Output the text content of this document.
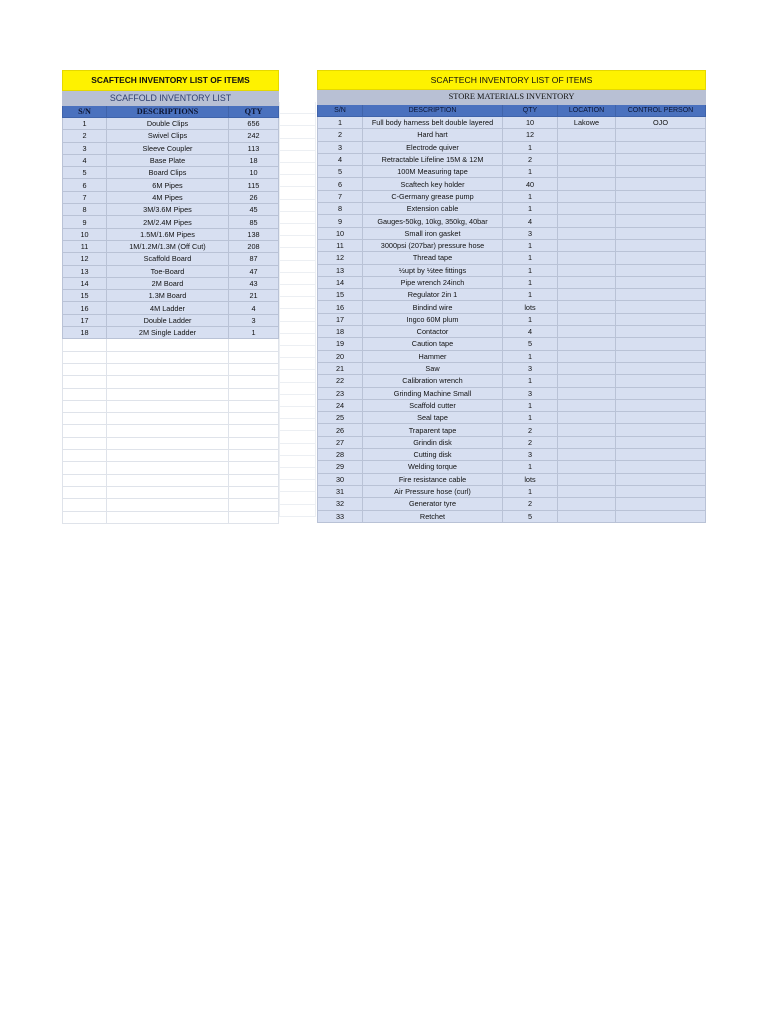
SCAFTECH INVENTORY LIST OF ITEMS		
SCAFFOLD INVENTORY LIST		
S/N	DESCRIPTIONS	QTY
1	Double Clips	656
2	Swivel Clips	242
3	Sleeve Coupler	113
4	Base Plate	18
5	Board Clips	10
6	6M Pipes	115
7	4M Pipes	26
8	3M/3.6M Pipes	45
9	2M/2.4M Pipes	85
10	1.5M/1.6M Pipes	138
11	1M/1.2M/1.3M (Off Cut)	208
12	Scaffold Board	87
13	Toe-Board	47
14	2M Board	43
15	1.3M Board	21
16	4M Ladder	4
17	Double Ladder	3
18	2M Single Ladder	1

SCAFTECH INVENTORY LIST OF ITEMS				
STORE MATERIALS INVENTORY				
S/N	DESCRIPTION	QTY	LOCATION	CONTROL PERSON
1	Full body harness belt double layered	10	Lakowe	OJO
2	Hard hart	12		
3	Electrode quiver	1		
4	Retractable Lifeline 15M & 12M	2		
5	100M Measuring tape	1		
6	Scaftech key holder	40		
7	C-Germany grease pump	1		
8	Extension cable	1		
9	Gauges-50kg, 10kg, 350kg, 40bar	4		
10	Small iron gasket	3		
11	3000psi (207bar) pressure hose	1		
12	Thread tape	1		
13	½upt by ½tee fittings	1		
14	Pipe wrench 24inch	1		
15	Regulator 2in 1	1		
16	Bindind wire	lots		
17	Ingco 60M plum	1		
18	Contactor	4		
19	Caution tape	5		
20	Hammer	1		
21	Saw	3		
22	Calibration wrench	1		
23	Grinding Machine Small	3		
24	Scaffold cutter	1		
25	Seal tape	1		
26	Traparent tape	2		
27	Grindin disk	2		
28	Cutting disk	3		
29	Welding torque	1		
30	Fire resistance cable	lots		
31	Air Pressure hose (curl)	1		
32	Generator tyre	2		
33	Retchet	5		
